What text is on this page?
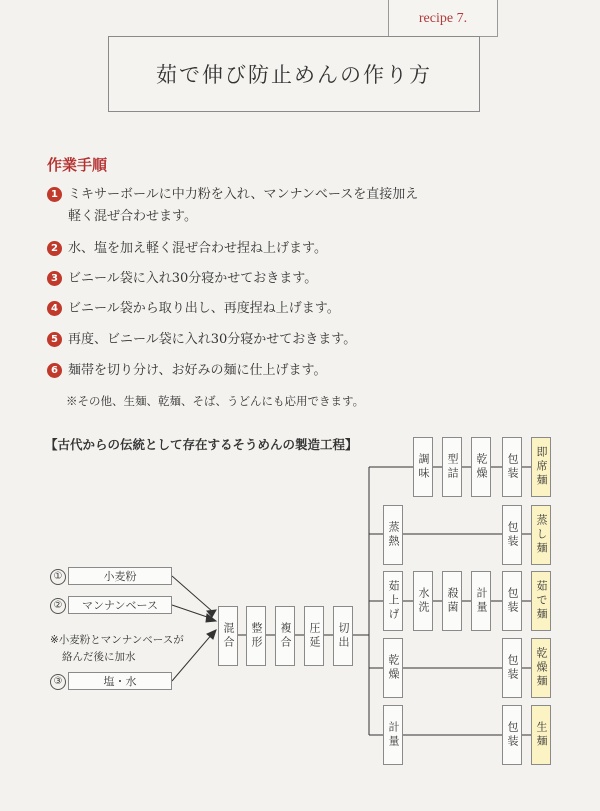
recipe 7.
茹で伸び防止めんの作り方
作業手順
1 ミキサーボールに中力粉を入れ、マンナンベースを直接加え
軽く混ぜ合わせます。
2 水、塩を加え軽く混ぜ合わせ捏ね上げます。
3 ビニール袋に入れ30分寝かせておきます。
4 ビニール袋から取り出し、再度捏ね上げます。
5 再度、ビニール袋に入れ30分寝かせておきます。
6 麺帯を切り分け、お好みの麺に仕上げます。
※その他、生麺、乾麺、そば、うどんにも応用できます。
【古代からの伝統として存在するそうめんの製造工程】
①	小麦粉
②	マンナンベース
※小麦粉とマンナンベースが
絡んだ後に加水
③	塩・水
混合	整形	複合	圧延	切出
調味	型詰	乾燥	包装	即席麺
蒸熱	包装	蒸し麺
茹上げ	水洗	殺菌	計量	包装	茹で麺
乾燥	包装	乾燥麺
計量	包装	生麺
